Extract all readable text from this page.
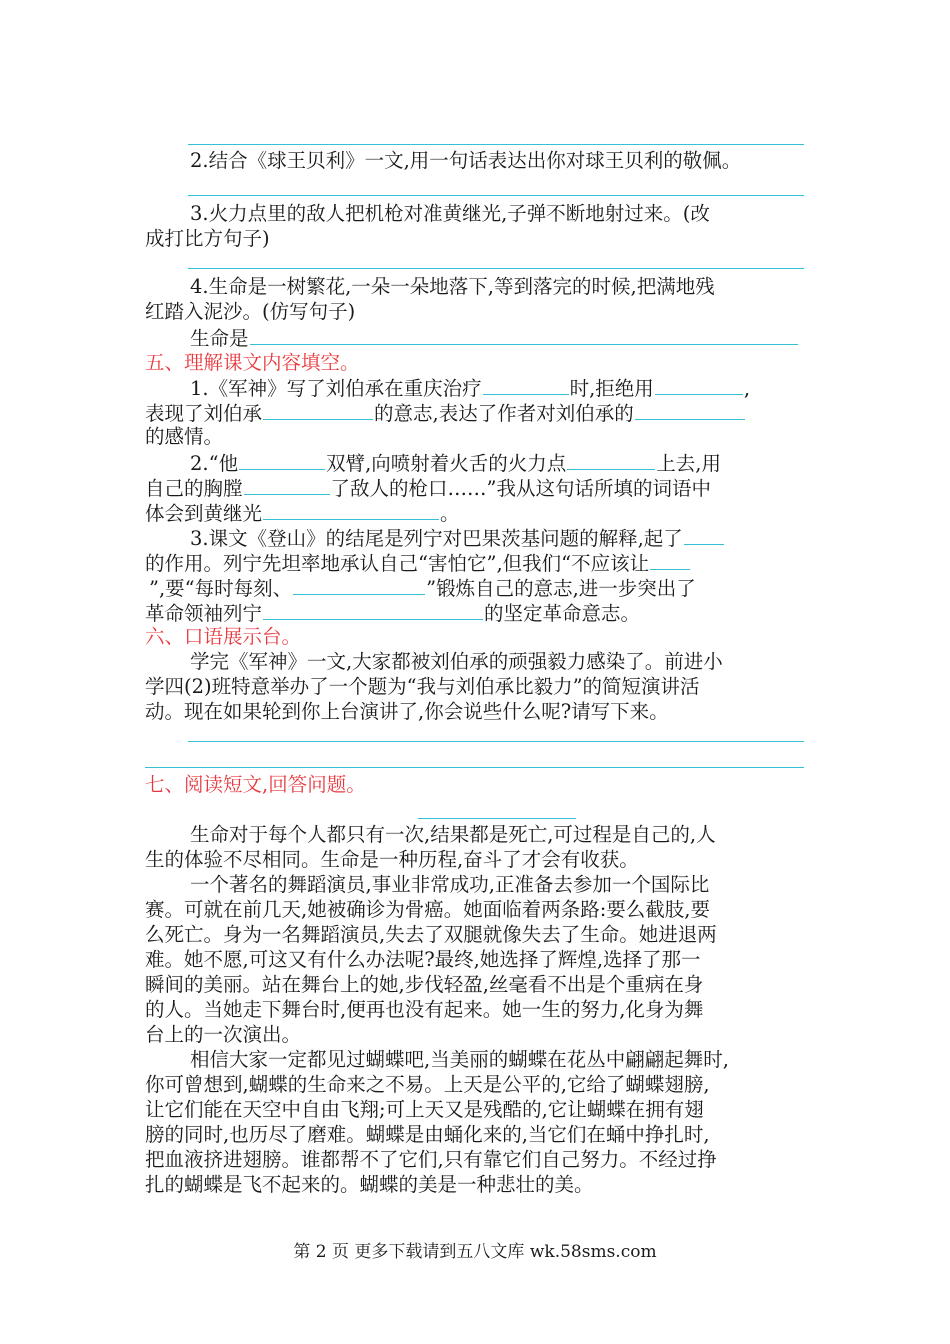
2.结合《球王贝利》一文,用一句话表达出你对球王贝利的敬佩。
3.火力点里的敌人把机枪对准黄继光,子弹不断地射过来。(改
成打比方句子)
4.生命是一树繁花,一朵一朵地落下,等到落完的时候,把满地残
红踏入泥沙。(仿写句子)
生命是
五、理解课文内容填空。
1.《军神》写了刘伯承在重庆治疗	时,拒绝用	,
表现了刘伯承	的意志,表达了作者对刘伯承的
的感情。
2.“他	双臂,向喷射着火舌的火力点	上去,用
自己的胸膛	了敌人的枪口……”我从这句话所填的词语中
体会到黄继光	。
3.课文《登山》的结尾是列宁对巴果茨基问题的解释,起了
的作用。列宁先坦率地承认自己“害怕它”,但我们“不应该让
”,要“每时每刻、	”锻炼自己的意志,进一步突出了
革命领袖列宁	的坚定革命意志。
六、口语展示台。
学完《军神》一文,大家都被刘伯承的顽强毅力感染了。前进小
学四(2)班特意举办了一个题为“我与刘伯承比毅力”的简短演讲活
动。现在如果轮到你上台演讲了,你会说些什么呢?请写下来。
七、阅读短文,回答问题。
生命对于每个人都只有一次,结果都是死亡,可过程是自己的,人
生的体验不尽相同。生命是一种历程,奋斗了才会有收获。
一个著名的舞蹈演员,事业非常成功,正准备去参加一个国际比
赛。可就在前几天,她被确诊为骨癌。她面临着两条路:要么截肢,要
么死亡。身为一名舞蹈演员,失去了双腿就像失去了生命。她进退两
难。她不愿,可这又有什么办法呢?最终,她选择了辉煌,选择了那一
瞬间的美丽。站在舞台上的她,步伐轻盈,丝毫看不出是个重病在身
的人。当她走下舞台时,便再也没有起来。她一生的努力,化身为舞
台上的一次演出。
相信大家一定都见过蝴蝶吧,当美丽的蝴蝶在花丛中翩翩起舞时,
你可曾想到,蝴蝶的生命来之不易。上天是公平的,它给了蝴蝶翅膀,
让它们能在天空中自由飞翔;可上天又是残酷的,它让蝴蝶在拥有翅
膀的同时,也历尽了磨难。蝴蝶是由蛹化来的,当它们在蛹中挣扎时,
把血液挤进翅膀。谁都帮不了它们,只有靠它们自己努力。不经过挣
扎的蝴蝶是飞不起来的。蝴蝶的美是一种悲壮的美。
第 2 页 更多下载请到五八文库 wk.58sms.com
